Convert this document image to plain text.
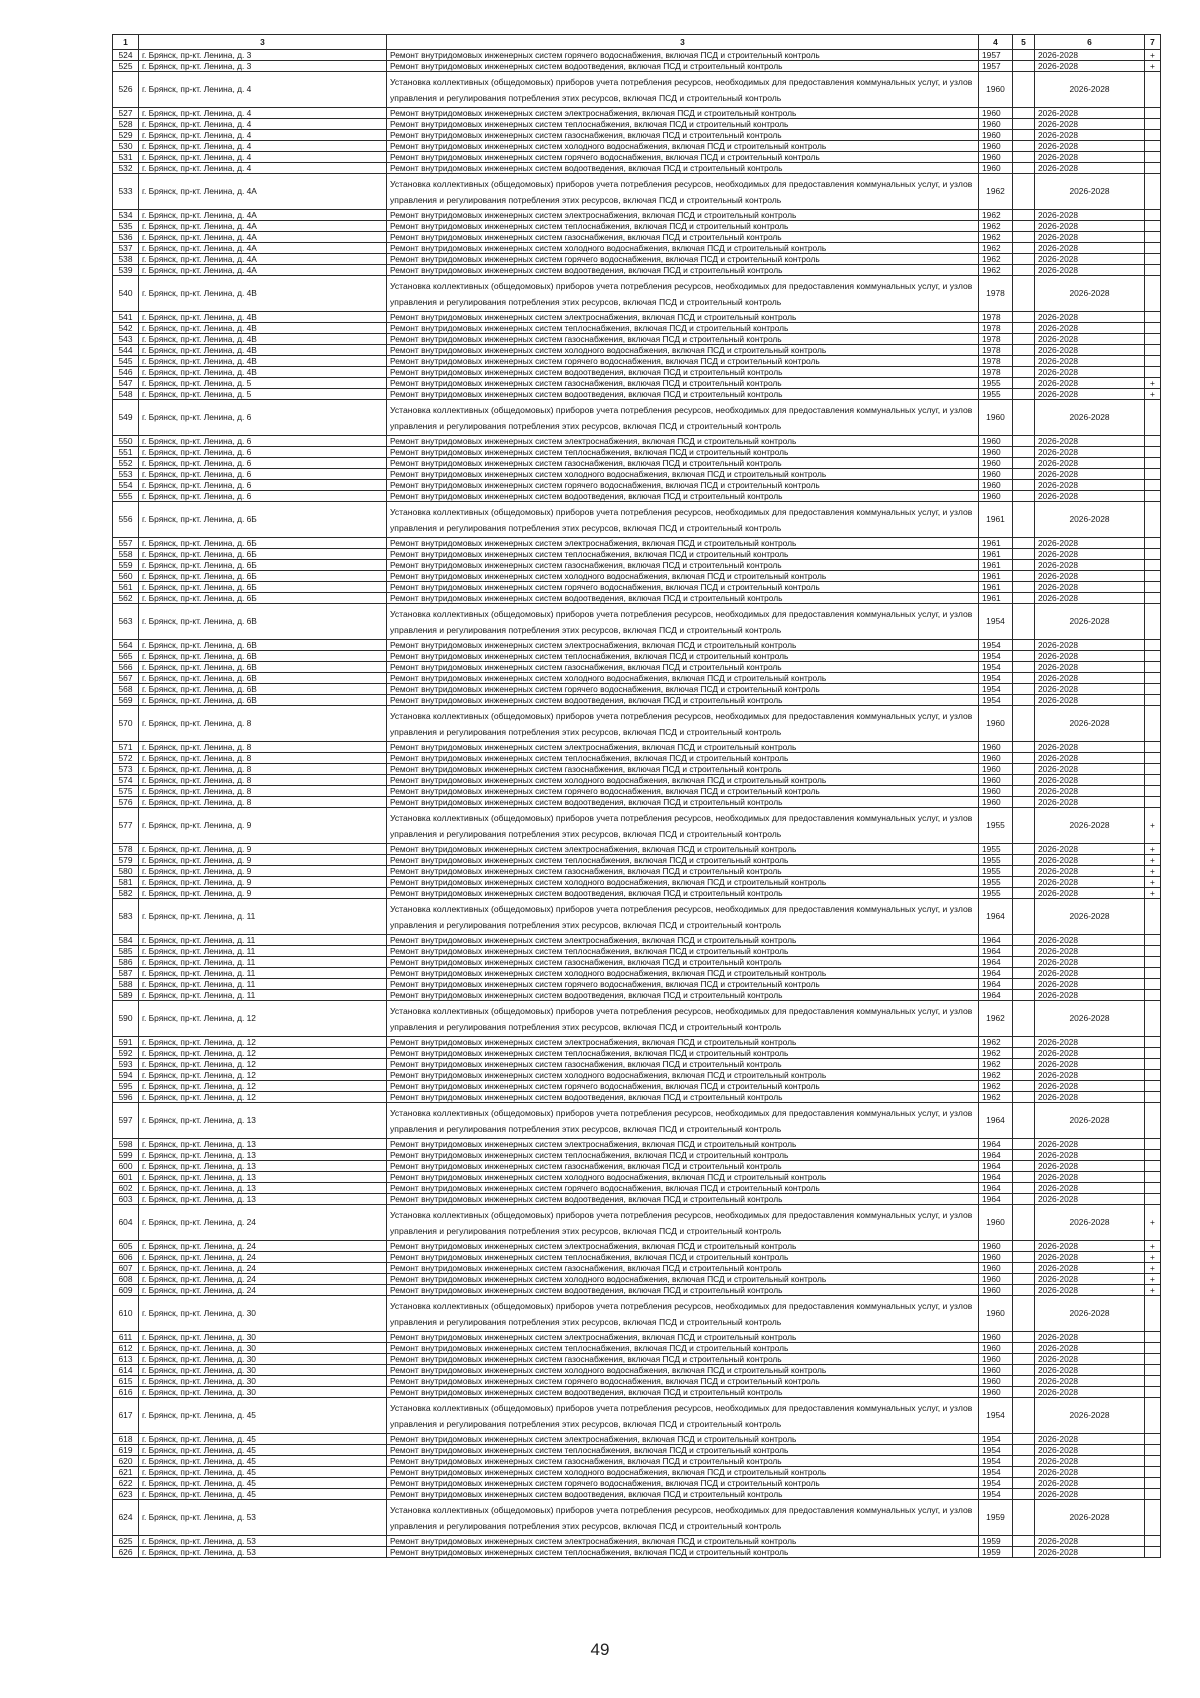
1	3	3	4	5	6	7
524	г. Брянск, пр-кт. Ленина, д. 3	Ремонт внутридомовых инженерных систем горячего водоснабжения, включая ПСД и строительный контроль	1957		2026-2028	+
525	г. Брянск, пр-кт. Ленина, д. 3	Ремонт внутридомовых инженерных систем водоотведения, включая ПСД и строительный контроль	1957		2026-2028	+
526	г. Брянск, пр-кт. Ленина, д. 4	Установка коллективных (общедомовых) приборов учета потребления ресурсов, необходимых для предоставления коммунальных услуг, и узлов управления и регулирования потребления этих ресурсов, включая ПСД и строительный контроль	1960		2026-2028	
527	г. Брянск, пр-кт. Ленина, д. 4	Ремонт внутридомовых инженерных систем электроснабжения, включая ПСД и строительный контроль	1960		2026-2028	
528	г. Брянск, пр-кт. Ленина, д. 4	Ремонт внутридомовых инженерных систем теплоснабжения, включая ПСД и строительный контроль	1960		2026-2028	
529	г. Брянск, пр-кт. Ленина, д. 4	Ремонт внутридомовых инженерных систем газоснабжения, включая ПСД и строительный контроль	1960		2026-2028	
530	г. Брянск, пр-кт. Ленина, д. 4	Ремонт внутридомовых инженерных систем холодного водоснабжения, включая ПСД и строительный контроль	1960		2026-2028	
531	г. Брянск, пр-кт. Ленина, д. 4	Ремонт внутридомовых инженерных систем горячего водоснабжения, включая ПСД и строительный контроль	1960		2026-2028	
532	г. Брянск, пр-кт. Ленина, д. 4	Ремонт внутридомовых инженерных систем водоотведения, включая ПСД и строительный контроль	1960		2026-2028	
533	г. Брянск, пр-кт. Ленина, д. 4А	Установка коллективных (общедомовых) приборов учета потребления ресурсов, необходимых для предоставления коммунальных услуг, и узлов управления и регулирования потребления этих ресурсов, включая ПСД и строительный контроль	1962		2026-2028	
534	г. Брянск, пр-кт. Ленина, д. 4А	Ремонт внутридомовых инженерных систем электроснабжения, включая ПСД и строительный контроль	1962		2026-2028	
535	г. Брянск, пр-кт. Ленина, д. 4А	Ремонт внутридомовых инженерных систем теплоснабжения, включая ПСД и строительный контроль	1962		2026-2028	
536	г. Брянск, пр-кт. Ленина, д. 4А	Ремонт внутридомовых инженерных систем газоснабжения, включая ПСД и строительный контроль	1962		2026-2028	
537	г. Брянск, пр-кт. Ленина, д. 4А	Ремонт внутридомовых инженерных систем холодного водоснабжения, включая ПСД и строительный контроль	1962		2026-2028	
538	г. Брянск, пр-кт. Ленина, д. 4А	Ремонт внутридомовых инженерных систем горячего водоснабжения, включая ПСД и строительный контроль	1962		2026-2028	
539	г. Брянск, пр-кт. Ленина, д. 4А	Ремонт внутридомовых инженерных систем водоотведения, включая ПСД и строительный контроль	1962		2026-2028	
540	г. Брянск, пр-кт. Ленина, д. 4В	Установка коллективных (общедомовых) приборов учета потребления ресурсов, необходимых для предоставления коммунальных услуг, и узлов управления и регулирования потребления этих ресурсов, включая ПСД и строительный контроль	1978		2026-2028	
541	г. Брянск, пр-кт. Ленина, д. 4В	Ремонт внутридомовых инженерных систем электроснабжения, включая ПСД и строительный контроль	1978		2026-2028	
542	г. Брянск, пр-кт. Ленина, д. 4В	Ремонт внутридомовых инженерных систем теплоснабжения, включая ПСД и строительный контроль	1978		2026-2028	
543	г. Брянск, пр-кт. Ленина, д. 4В	Ремонт внутридомовых инженерных систем газоснабжения, включая ПСД и строительный контроль	1978		2026-2028	
544	г. Брянск, пр-кт. Ленина, д. 4В	Ремонт внутридомовых инженерных систем холодного водоснабжения, включая ПСД и строительный контроль	1978		2026-2028	
545	г. Брянск, пр-кт. Ленина, д. 4В	Ремонт внутридомовых инженерных систем горячего водоснабжения, включая ПСД и строительный контроль	1978		2026-2028	
546	г. Брянск, пр-кт. Ленина, д. 4В	Ремонт внутридомовых инженерных систем водоотведения, включая ПСД и строительный контроль	1978		2026-2028	
547	г. Брянск, пр-кт. Ленина, д. 5	Ремонт внутридомовых инженерных систем газоснабжения, включая ПСД и строительный контроль	1955		2026-2028	+
548	г. Брянск, пр-кт. Ленина, д. 5	Ремонт внутридомовых инженерных систем водоотведения, включая ПСД и строительный контроль	1955		2026-2028	+
549	г. Брянск, пр-кт. Ленина, д. 6	Установка коллективных (общедомовых) приборов учета потребления ресурсов, необходимых для предоставления коммунальных услуг, и узлов управления и регулирования потребления этих ресурсов, включая ПСД и строительный контроль	1960		2026-2028	
550	г. Брянск, пр-кт. Ленина, д. 6	Ремонт внутридомовых инженерных систем электроснабжения, включая ПСД и строительный контроль	1960		2026-2028	
551	г. Брянск, пр-кт. Ленина, д. 6	Ремонт внутридомовых инженерных систем теплоснабжения, включая ПСД и строительный контроль	1960		2026-2028	
552	г. Брянск, пр-кт. Ленина, д. 6	Ремонт внутридомовых инженерных систем газоснабжения, включая ПСД и строительный контроль	1960		2026-2028	
553	г. Брянск, пр-кт. Ленина, д. 6	Ремонт внутридомовых инженерных систем холодного водоснабжения, включая ПСД и строительный контроль	1960		2026-2028	
554	г. Брянск, пр-кт. Ленина, д. 6	Ремонт внутридомовых инженерных систем горячего водоснабжения, включая ПСД и строительный контроль	1960		2026-2028	
555	г. Брянск, пр-кт. Ленина, д. 6	Ремонт внутридомовых инженерных систем водоотведения, включая ПСД и строительный контроль	1960		2026-2028	
556	г. Брянск, пр-кт. Ленина, д. 6Б	Установка коллективных (общедомовых) приборов учета потребления ресурсов, необходимых для предоставления коммунальных услуг, и узлов управления и регулирования потребления этих ресурсов, включая ПСД и строительный контроль	1961		2026-2028	
557	г. Брянск, пр-кт. Ленина, д. 6Б	Ремонт внутридомовых инженерных систем электроснабжения, включая ПСД и строительный контроль	1961		2026-2028	
558	г. Брянск, пр-кт. Ленина, д. 6Б	Ремонт внутридомовых инженерных систем теплоснабжения, включая ПСД и строительный контроль	1961		2026-2028	
559	г. Брянск, пр-кт. Ленина, д. 6Б	Ремонт внутридомовых инженерных систем газоснабжения, включая ПСД и строительный контроль	1961		2026-2028	
560	г. Брянск, пр-кт. Ленина, д. 6Б	Ремонт внутридомовых инженерных систем холодного водоснабжения, включая ПСД и строительный контроль	1961		2026-2028	
561	г. Брянск, пр-кт. Ленина, д. 6Б	Ремонт внутридомовых инженерных систем горячего водоснабжения, включая ПСД и строительный контроль	1961		2026-2028	
562	г. Брянск, пр-кт. Ленина, д. 6Б	Ремонт внутридомовых инженерных систем водоотведения, включая ПСД и строительный контроль	1961		2026-2028	
563	г. Брянск, пр-кт. Ленина, д. 6В	Установка коллективных (общедомовых) приборов учета потребления ресурсов, необходимых для предоставления коммунальных услуг, и узлов управления и регулирования потребления этих ресурсов, включая ПСД и строительный контроль	1954		2026-2028	
564	г. Брянск, пр-кт. Ленина, д. 6В	Ремонт внутридомовых инженерных систем электроснабжения, включая ПСД и строительный контроль	1954		2026-2028	
565	г. Брянск, пр-кт. Ленина, д. 6В	Ремонт внутридомовых инженерных систем теплоснабжения, включая ПСД и строительный контроль	1954		2026-2028	
566	г. Брянск, пр-кт. Ленина, д. 6В	Ремонт внутридомовых инженерных систем газоснабжения, включая ПСД и строительный контроль	1954		2026-2028	
567	г. Брянск, пр-кт. Ленина, д. 6В	Ремонт внутридомовых инженерных систем холодного водоснабжения, включая ПСД и строительный контроль	1954		2026-2028	
568	г. Брянск, пр-кт. Ленина, д. 6В	Ремонт внутридомовых инженерных систем горячего водоснабжения, включая ПСД и строительный контроль	1954		2026-2028	
569	г. Брянск, пр-кт. Ленина, д. 6В	Ремонт внутридомовых инженерных систем водоотведения, включая ПСД и строительный контроль	1954		2026-2028	
570	г. Брянск, пр-кт. Ленина, д. 8	Установка коллективных (общедомовых) приборов учета потребления ресурсов, необходимых для предоставления коммунальных услуг, и узлов управления и регулирования потребления этих ресурсов, включая ПСД и строительный контроль	1960		2026-2028	
571	г. Брянск, пр-кт. Ленина, д. 8	Ремонт внутридомовых инженерных систем электроснабжения, включая ПСД и строительный контроль	1960		2026-2028	
572	г. Брянск, пр-кт. Ленина, д. 8	Ремонт внутридомовых инженерных систем теплоснабжения, включая ПСД и строительный контроль	1960		2026-2028	
573	г. Брянск, пр-кт. Ленина, д. 8	Ремонт внутридомовых инженерных систем газоснабжения, включая ПСД и строительный контроль	1960		2026-2028	
574	г. Брянск, пр-кт. Ленина, д. 8	Ремонт внутридомовых инженерных систем холодного водоснабжения, включая ПСД и строительный контроль	1960		2026-2028	
575	г. Брянск, пр-кт. Ленина, д. 8	Ремонт внутридомовых инженерных систем горячего водоснабжения, включая ПСД и строительный контроль	1960		2026-2028	
576	г. Брянск, пр-кт. Ленина, д. 8	Ремонт внутридомовых инженерных систем водоотведения, включая ПСД и строительный контроль	1960		2026-2028	
577	г. Брянск, пр-кт. Ленина, д. 9	Установка коллективных (общедомовых) приборов учета потребления ресурсов, необходимых для предоставления коммунальных услуг, и узлов управления и регулирования потребления этих ресурсов, включая ПСД и строительный контроль	1955		2026-2028	+
578	г. Брянск, пр-кт. Ленина, д. 9	Ремонт внутридомовых инженерных систем электроснабжения, включая ПСД и строительный контроль	1955		2026-2028	+
579	г. Брянск, пр-кт. Ленина, д. 9	Ремонт внутридомовых инженерных систем теплоснабжения, включая ПСД и строительный контроль	1955		2026-2028	+
580	г. Брянск, пр-кт. Ленина, д. 9	Ремонт внутридомовых инженерных систем газоснабжения, включая ПСД и строительный контроль	1955		2026-2028	+
581	г. Брянск, пр-кт. Ленина, д. 9	Ремонт внутридомовых инженерных систем холодного водоснабжения, включая ПСД и строительный контроль	1955		2026-2028	+
582	г. Брянск, пр-кт. Ленина, д. 9	Ремонт внутридомовых инженерных систем водоотведения, включая ПСД и строительный контроль	1955		2026-2028	+
583	г. Брянск, пр-кт. Ленина, д. 11	Установка коллективных (общедомовых) приборов учета потребления ресурсов, необходимых для предоставления коммунальных услуг, и узлов управления и регулирования потребления этих ресурсов, включая ПСД и строительный контроль	1964		2026-2028	
584	г. Брянск, пр-кт. Ленина, д. 11	Ремонт внутридомовых инженерных систем электроснабжения, включая ПСД и строительный контроль	1964		2026-2028	
585	г. Брянск, пр-кт. Ленина, д. 11	Ремонт внутридомовых инженерных систем теплоснабжения, включая ПСД и строительный контроль	1964		2026-2028	
586	г. Брянск, пр-кт. Ленина, д. 11	Ремонт внутридомовых инженерных систем газоснабжения, включая ПСД и строительный контроль	1964		2026-2028	
587	г. Брянск, пр-кт. Ленина, д. 11	Ремонт внутридомовых инженерных систем холодного водоснабжения, включая ПСД и строительный контроль	1964		2026-2028	
588	г. Брянск, пр-кт. Ленина, д. 11	Ремонт внутридомовых инженерных систем горячего водоснабжения, включая ПСД и строительный контроль	1964		2026-2028	
589	г. Брянск, пр-кт. Ленина, д. 11	Ремонт внутридомовых инженерных систем водоотведения, включая ПСД и строительный контроль	1964		2026-2028	
590	г. Брянск, пр-кт. Ленина, д. 12	Установка коллективных (общедомовых) приборов учета потребления ресурсов, необходимых для предоставления коммунальных услуг, и узлов управления и регулирования потребления этих ресурсов, включая ПСД и строительный контроль	1962		2026-2028	
591	г. Брянск, пр-кт. Ленина, д. 12	Ремонт внутридомовых инженерных систем электроснабжения, включая ПСД и строительный контроль	1962		2026-2028	
592	г. Брянск, пр-кт. Ленина, д. 12	Ремонт внутридомовых инженерных систем теплоснабжения, включая ПСД и строительный контроль	1962		2026-2028	
593	г. Брянск, пр-кт. Ленина, д. 12	Ремонт внутридомовых инженерных систем газоснабжения, включая ПСД и строительный контроль	1962		2026-2028	
594	г. Брянск, пр-кт. Ленина, д. 12	Ремонт внутридомовых инженерных систем холодного водоснабжения, включая ПСД и строительный контроль	1962		2026-2028	
595	г. Брянск, пр-кт. Ленина, д. 12	Ремонт внутридомовых инженерных систем горячего водоснабжения, включая ПСД и строительный контроль	1962		2026-2028	
596	г. Брянск, пр-кт. Ленина, д. 12	Ремонт внутридомовых инженерных систем водоотведения, включая ПСД и строительный контроль	1962		2026-2028	
597	г. Брянск, пр-кт. Ленина, д. 13	Установка коллективных (общедомовых) приборов учета потребления ресурсов, необходимых для предоставления коммунальных услуг, и узлов управления и регулирования потребления этих ресурсов, включая ПСД и строительный контроль	1964		2026-2028	
598	г. Брянск, пр-кт. Ленина, д. 13	Ремонт внутридомовых инженерных систем электроснабжения, включая ПСД и строительный контроль	1964		2026-2028	
599	г. Брянск, пр-кт. Ленина, д. 13	Ремонт внутридомовых инженерных систем теплоснабжения, включая ПСД и строительный контроль	1964		2026-2028	
600	г. Брянск, пр-кт. Ленина, д. 13	Ремонт внутридомовых инженерных систем газоснабжения, включая ПСД и строительный контроль	1964		2026-2028	
601	г. Брянск, пр-кт. Ленина, д. 13	Ремонт внутридомовых инженерных систем холодного водоснабжения, включая ПСД и строительный контроль	1964		2026-2028	
602	г. Брянск, пр-кт. Ленина, д. 13	Ремонт внутридомовых инженерных систем горячего водоснабжения, включая ПСД и строительный контроль	1964		2026-2028	
603	г. Брянск, пр-кт. Ленина, д. 13	Ремонт внутридомовых инженерных систем водоотведения, включая ПСД и строительный контроль	1964		2026-2028	
604	г. Брянск, пр-кт. Ленина, д. 24	Установка коллективных (общедомовых) приборов учета потребления ресурсов, необходимых для предоставления коммунальных услуг, и узлов управления и регулирования потребления этих ресурсов, включая ПСД и строительный контроль	1960		2026-2028	+
605	г. Брянск, пр-кт. Ленина, д. 24	Ремонт внутридомовых инженерных систем электроснабжения, включая ПСД и строительный контроль	1960		2026-2028	+
606	г. Брянск, пр-кт. Ленина, д. 24	Ремонт внутридомовых инженерных систем теплоснабжения, включая ПСД и строительный контроль	1960		2026-2028	+
607	г. Брянск, пр-кт. Ленина, д. 24	Ремонт внутридомовых инженерных систем газоснабжения, включая ПСД и строительный контроль	1960		2026-2028	+
608	г. Брянск, пр-кт. Ленина, д. 24	Ремонт внутридомовых инженерных систем холодного водоснабжения, включая ПСД и строительный контроль	1960		2026-2028	+
609	г. Брянск, пр-кт. Ленина, д. 24	Ремонт внутридомовых инженерных систем водоотведения, включая ПСД и строительный контроль	1960		2026-2028	+
610	г. Брянск, пр-кт. Ленина, д. 30	Установка коллективных (общедомовых) приборов учета потребления ресурсов, необходимых для предоставления коммунальных услуг, и узлов управления и регулирования потребления этих ресурсов, включая ПСД и строительный контроль	1960		2026-2028	
611	г. Брянск, пр-кт. Ленина, д. 30	Ремонт внутридомовых инженерных систем электроснабжения, включая ПСД и строительный контроль	1960		2026-2028	
612	г. Брянск, пр-кт. Ленина, д. 30	Ремонт внутридомовых инженерных систем теплоснабжения, включая ПСД и строительный контроль	1960		2026-2028	
613	г. Брянск, пр-кт. Ленина, д. 30	Ремонт внутридомовых инженерных систем газоснабжения, включая ПСД и строительный контроль	1960		2026-2028	
614	г. Брянск, пр-кт. Ленина, д. 30	Ремонт внутридомовых инженерных систем холодного водоснабжения, включая ПСД и строительный контроль	1960		2026-2028	
615	г. Брянск, пр-кт. Ленина, д. 30	Ремонт внутридомовых инженерных систем горячего водоснабжения, включая ПСД и строительный контроль	1960		2026-2028	
616	г. Брянск, пр-кт. Ленина, д. 30	Ремонт внутридомовых инженерных систем водоотведения, включая ПСД и строительный контроль	1960		2026-2028	
617	г. Брянск, пр-кт. Ленина, д. 45	Установка коллективных (общедомовых) приборов учета потребления ресурсов, необходимых для предоставления коммунальных услуг, и узлов управления и регулирования потребления этих ресурсов, включая ПСД и строительный контроль	1954		2026-2028	
618	г. Брянск, пр-кт. Ленина, д. 45	Ремонт внутридомовых инженерных систем электроснабжения, включая ПСД и строительный контроль	1954		2026-2028	
619	г. Брянск, пр-кт. Ленина, д. 45	Ремонт внутридомовых инженерных систем теплоснабжения, включая ПСД и строительный контроль	1954		2026-2028	
620	г. Брянск, пр-кт. Ленина, д. 45	Ремонт внутридомовых инженерных систем газоснабжения, включая ПСД и строительный контроль	1954		2026-2028	
621	г. Брянск, пр-кт. Ленина, д. 45	Ремонт внутридомовых инженерных систем холодного водоснабжения, включая ПСД и строительный контроль	1954		2026-2028	
622	г. Брянск, пр-кт. Ленина, д. 45	Ремонт внутридомовых инженерных систем горячего водоснабжения, включая ПСД и строительный контроль	1954		2026-2028	
623	г. Брянск, пр-кт. Ленина, д. 45	Ремонт внутридомовых инженерных систем водоотведения, включая ПСД и строительный контроль	1954		2026-2028	
624	г. Брянск, пр-кт. Ленина, д. 53	Установка коллективных (общедомовых) приборов учета потребления ресурсов, необходимых для предоставления коммунальных услуг, и узлов управления и регулирования потребления этих ресурсов, включая ПСД и строительный контроль	1959		2026-2028	
625	г. Брянск, пр-кт. Ленина, д. 53	Ремонт внутридомовых инженерных систем электроснабжения, включая ПСД и строительный контроль	1959		2026-2028	
626	г. Брянск, пр-кт. Ленина, д. 53	Ремонт внутридомовых инженерных систем теплоснабжения, включая ПСД и строительный контроль	1959		2026-2028	
49
